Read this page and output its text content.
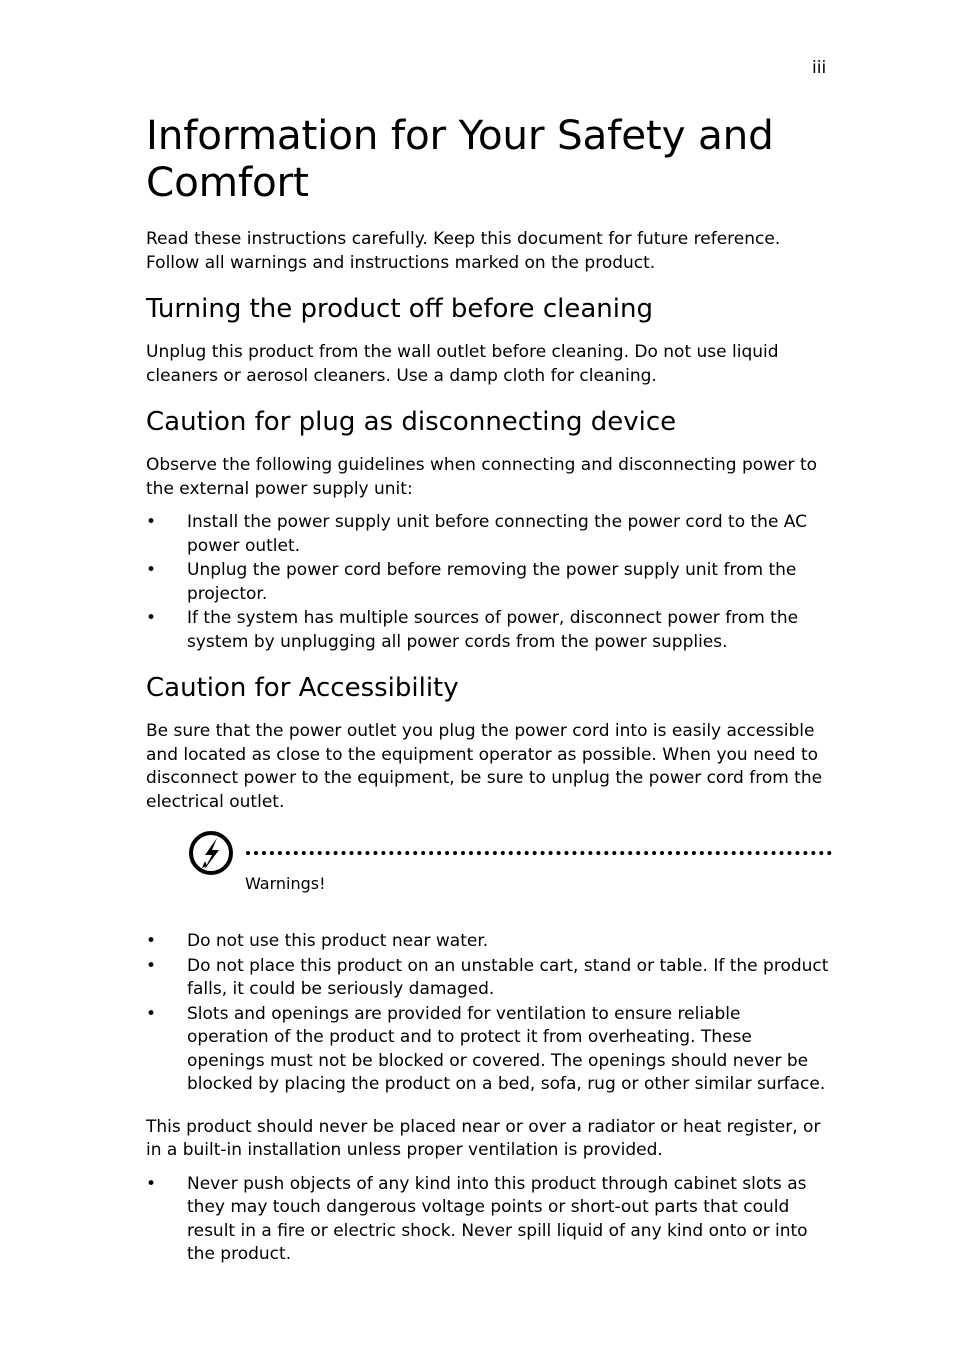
iii
Information for Your Safety and Comfort

Read these instructions carefully. Keep this document for future reference.
Follow all warnings and instructions marked on the product.

Turning the product off before cleaning

Unplug this product from the wall outlet before cleaning. Do not use liquid
cleaners or aerosol cleaners. Use a damp cloth for cleaning.

Caution for plug as disconnecting device

Observe the following guidelines when connecting and disconnecting power to
the external power supply unit:

• Install the power supply unit before connecting the power cord to the AC
power outlet.
• Unplug the power cord before removing the power supply unit from the
projector.
• If the system has multiple sources of power, disconnect power from the
system by unplugging all power cords from the power supplies.
Caution for Accessibility

Be sure that the power outlet you plug the power cord into is easily accessible
and located as close to the equipment operator as possible. When you need to
disconnect power to the equipment, be sure to unplug the power cord from the
electrical outlet.

Warnings!
• Do not use this product near water.
• Do not place this product on an unstable cart, stand or table. If the product
falls, it could be seriously damaged.
• Slots and openings are provided for ventilation to ensure reliable
operation of the product and to protect it from overheating. These
openings must not be blocked or covered. The openings should never be
blocked by placing the product on a bed, sofa, rug or other similar surface.

This product should never be placed near or over a radiator or heat register, or
in a built-in installation unless proper ventilation is provided.

• Never push objects of any kind into this product through cabinet slots as
they may touch dangerous voltage points or short-out parts that could
result in a fire or electric shock. Never spill liquid of any kind onto or into
the product.
